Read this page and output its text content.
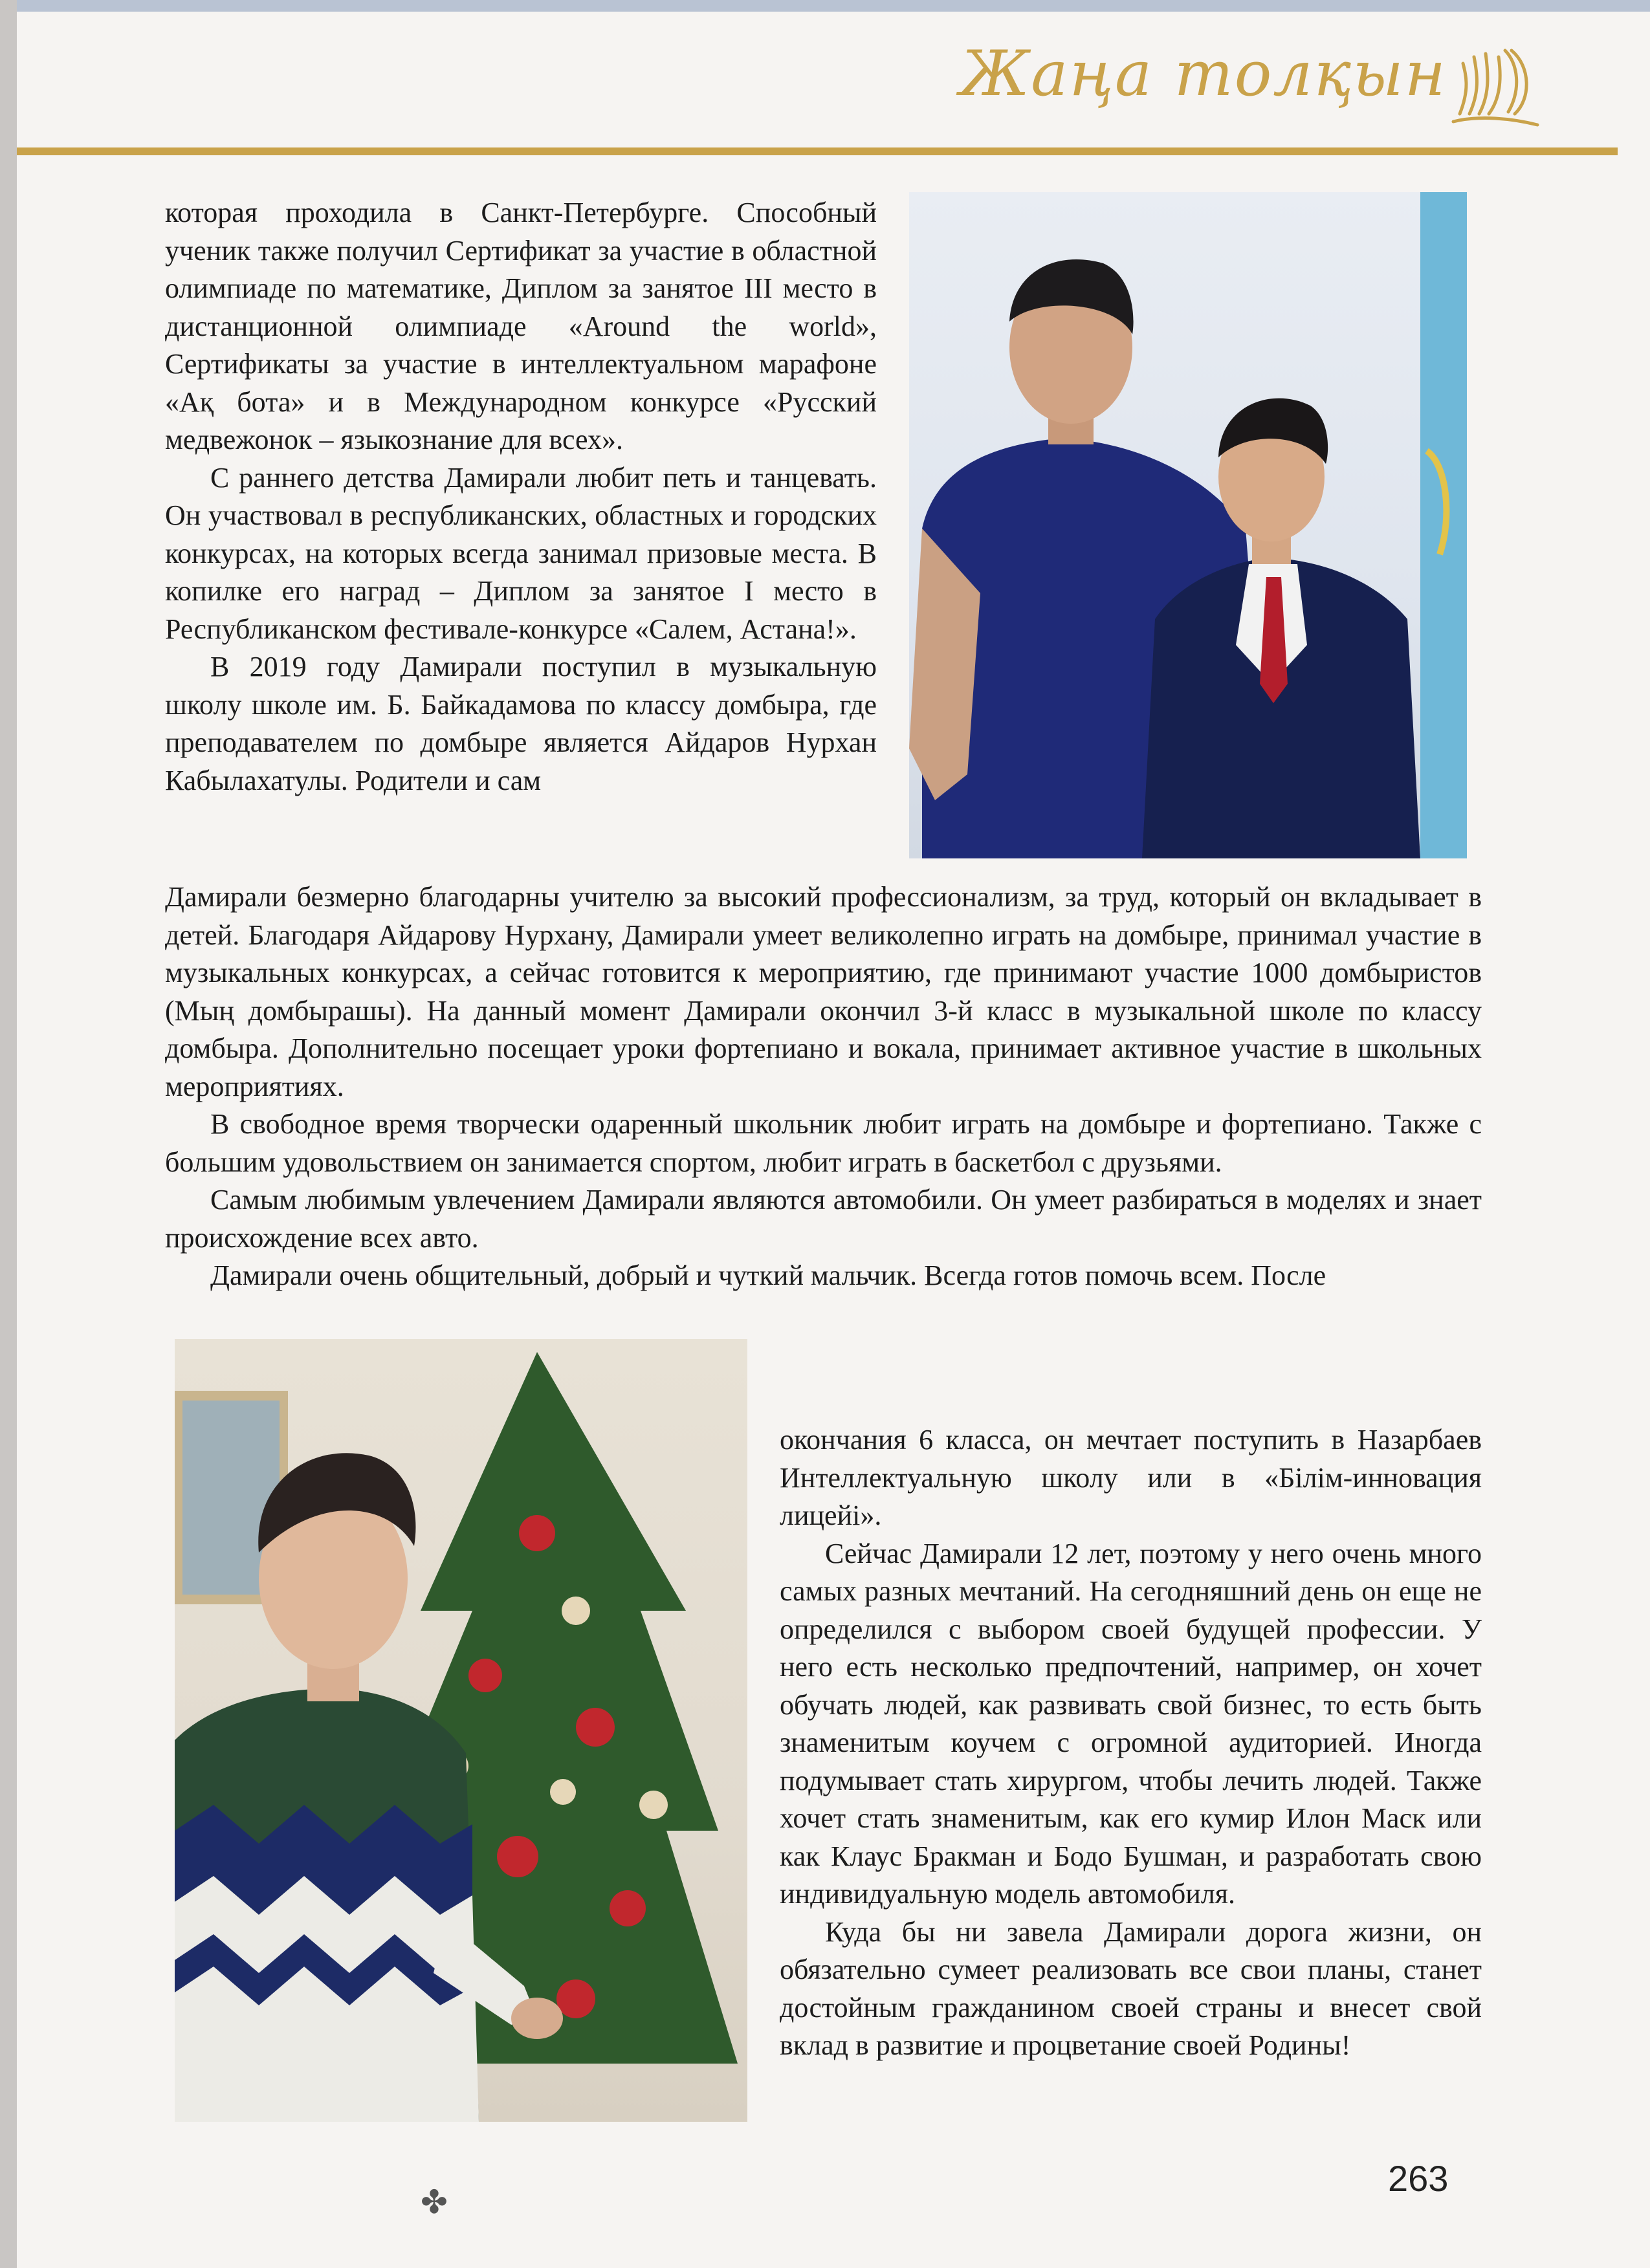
Жаңа толқын

которая проходила в Санкт-Петербурге. Способный ученик также получил Сертификат за участие в областной олимпиаде по математике, Диплом за занятое III место в дистанционной олимпиаде «Around the world», Сертификаты за участие в интеллектуальном марафоне «Ақ бота» и в Международном конкурсе «Русский медвежонок – языкознание для всех».

С раннего детства Дамирали любит петь и танцевать. Он участвовал в республиканских, областных и городских конкурсах, на которых всегда занимал призовые места. В копилке его наград – Диплом за занятое I место в Республиканском фестивале-конкурсе «Салем, Астана!».

В 2019 году Дамирали поступил в музыкальную школу школе им. Б. Байкадамова по классу домбыра, где преподавателем по домбыре является Айдаров Нурхан Кабылахатулы. Родители и сам

Дамирали безмерно благодарны учителю за высокий профессионализм, за труд, который он вкладывает в детей. Благодаря Айдарову Нурхану, Дамирали умеет великолепно играть на домбыре, принимал участие в музыкальных конкурсах, а сейчас готовится к мероприятию, где принимают участие 1000 домбыристов (Мың домбырашы). На данный момент Дамирали окончил 3-й класс в музыкальной школе по классу домбыра. Дополнительно посещает уроки фортепиано и вокала, принимает активное участие в школьных мероприятиях.

В свободное время творчески одаренный школьник любит играть на домбыре и фортепиано. Также с большим удовольствием он занимается спортом, любит играть в баскетбол с друзьями.

Самым любимым увлечением Дамирали являются автомобили. Он умеет разбираться в моделях и знает происхождение всех авто.

Дамирали очень общительный, добрый и чуткий мальчик. Всегда готов помочь всем. После

окончания 6 класса, он мечтает поступить в Назарбаев Интеллектуальную школу или в «Білім-инновация лицейі».

Сейчас Дамирали 12 лет, поэтому у него очень много самых разных мечтаний. На сегодняшний день он еще не определился с выбором своей будущей профессии. У него есть несколько предпочтений, например, он хочет обучать людей, как развивать свой бизнес, то есть быть знаменитым коучем с огромной аудиторией. Иногда подумывает стать хирургом, чтобы лечить людей. Также хочет стать знаменитым, как его кумир Илон Маск или как Клаус Бракман и Бодо Бушман, и разработать свою индивидуальную модель автомобиля.

Куда бы ни завела Дамирали дорога жизни, он обязательно сумеет реализовать все свои планы, станет достойным гражданином своей страны и внесет свой вклад в развитие и процветание своей Родины!

✤
263
